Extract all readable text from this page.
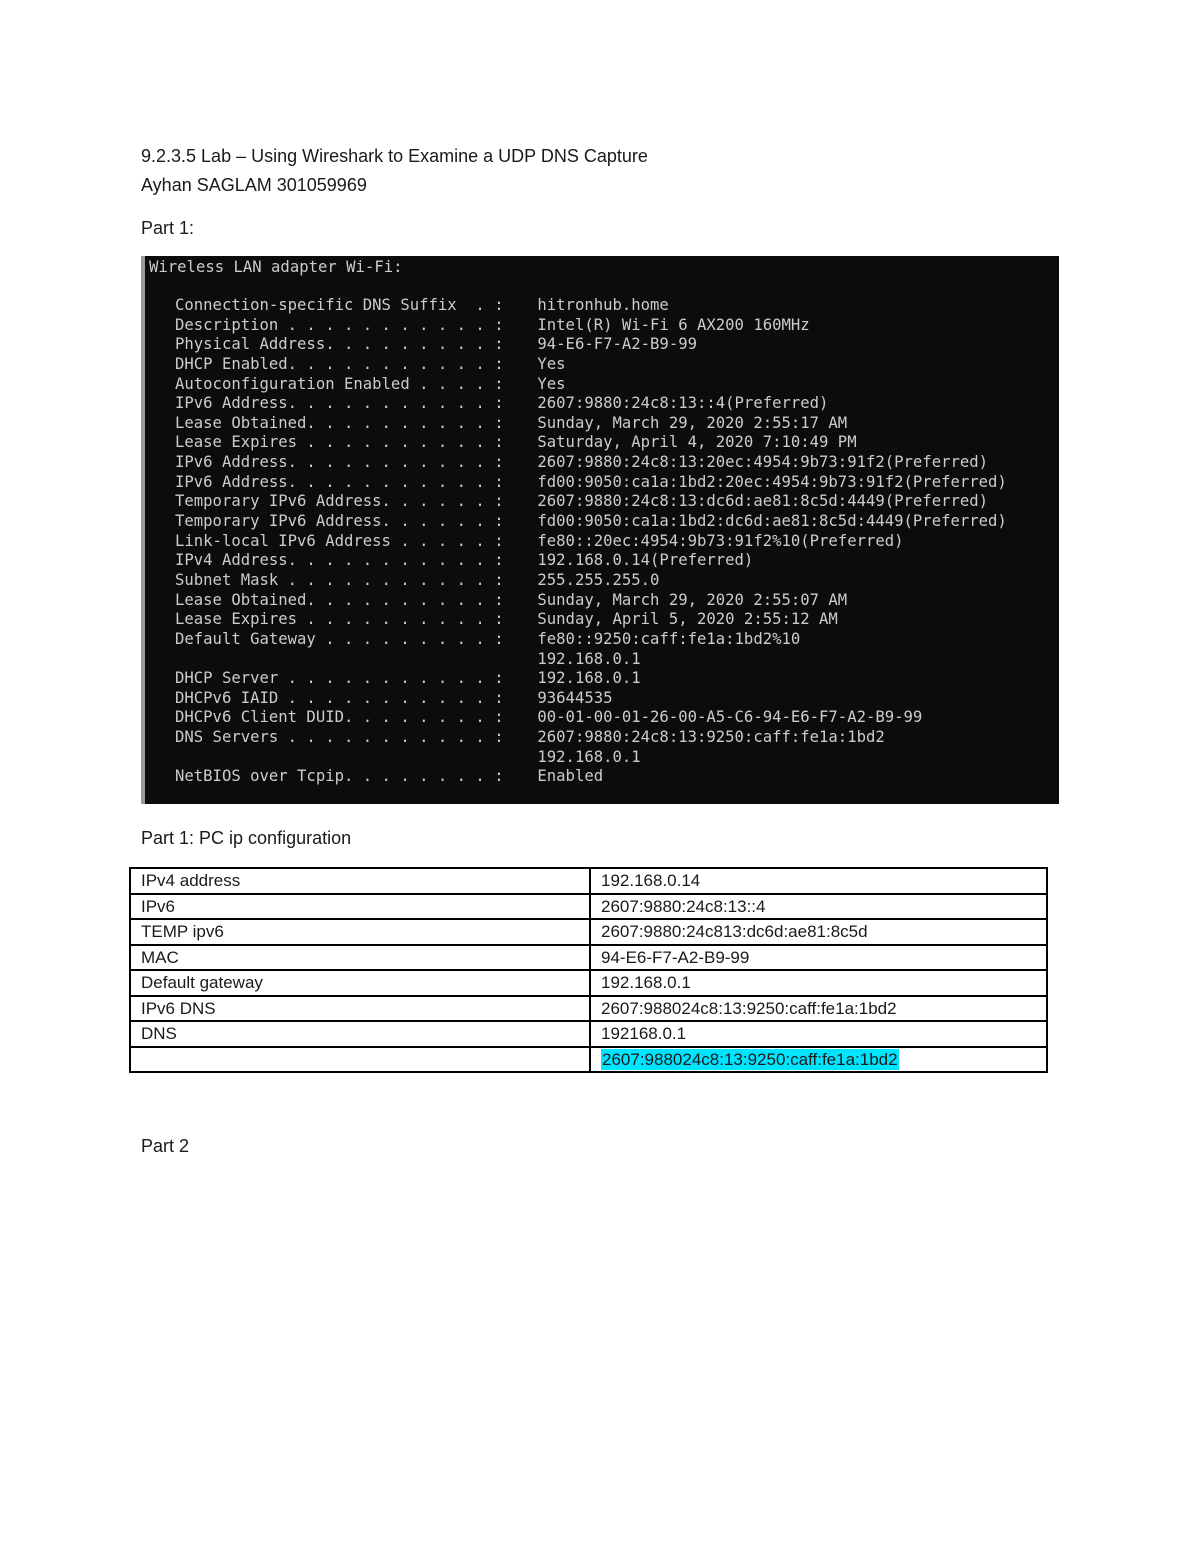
9.2.3.5 Lab – Using Wireshark to Examine a UDP DNS Capture
Ayhan SAGLAM 301059969
Part 1:
Wireless LAN adapter Wi-Fi:
Connection-specific DNS Suffix  . : hitronhub.home
Description . . . . . . . . . . . : Intel(R) Wi-Fi 6 AX200 160MHz
Physical Address. . . . . . . . . : 94-E6-F7-A2-B9-99
DHCP Enabled. . . . . . . . . . . : Yes
Autoconfiguration Enabled . . . . : Yes
IPv6 Address. . . . . . . . . . . : 2607:9880:24c8:13::4(Preferred)
Lease Obtained. . . . . . . . . . : Sunday, March 29, 2020 2:55:17 AM
Lease Expires . . . . . . . . . . : Saturday, April 4, 2020 7:10:49 PM
IPv6 Address. . . . . . . . . . . : 2607:9880:24c8:13:20ec:4954:9b73:91f2(Preferred)
IPv6 Address. . . . . . . . . . . : fd00:9050:ca1a:1bd2:20ec:4954:9b73:91f2(Preferred)
Temporary IPv6 Address. . . . . . : 2607:9880:24c8:13:dc6d:ae81:8c5d:4449(Preferred)
Temporary IPv6 Address. . . . . . : fd00:9050:ca1a:1bd2:dc6d:ae81:8c5d:4449(Preferred)
Link-local IPv6 Address . . . . . : fe80::20ec:4954:9b73:91f2%10(Preferred)
IPv4 Address. . . . . . . . . . . : 192.168.0.14(Preferred)
Subnet Mask . . . . . . . . . . . : 255.255.255.0
Lease Obtained. . . . . . . . . . : Sunday, March 29, 2020 2:55:07 AM
Lease Expires . . . . . . . . . . : Sunday, April 5, 2020 2:55:12 AM
Default Gateway . . . . . . . . . : fe80::9250:caff:fe1a:1bd2%10
192.168.0.1
DHCP Server . . . . . . . . . . . : 192.168.0.1
DHCPv6 IAID . . . . . . . . . . . : 93644535
DHCPv6 Client DUID. . . . . . . . : 00-01-00-01-26-00-A5-C6-94-E6-F7-A2-B9-99
DNS Servers . . . . . . . . . . . : 2607:9880:24c8:13:9250:caff:fe1a:1bd2
192.168.0.1
NetBIOS over Tcpip. . . . . . . . : Enabled
Part 1: PC ip configuration
IPv4 address	192.168.0.14
IPv6	2607:9880:24c8:13::4
TEMP ipv6	2607:9880:24c813:dc6d:ae81:8c5d
MAC	94-E6-F7-A2-B9-99
Default gateway	192.168.0.1
IPv6 DNS	2607:988024c8:13:9250:caff:fe1a:1bd2
DNS	192168.0.1
	2607:988024c8:13:9250:caff:fe1a:1bd2
Part 2
